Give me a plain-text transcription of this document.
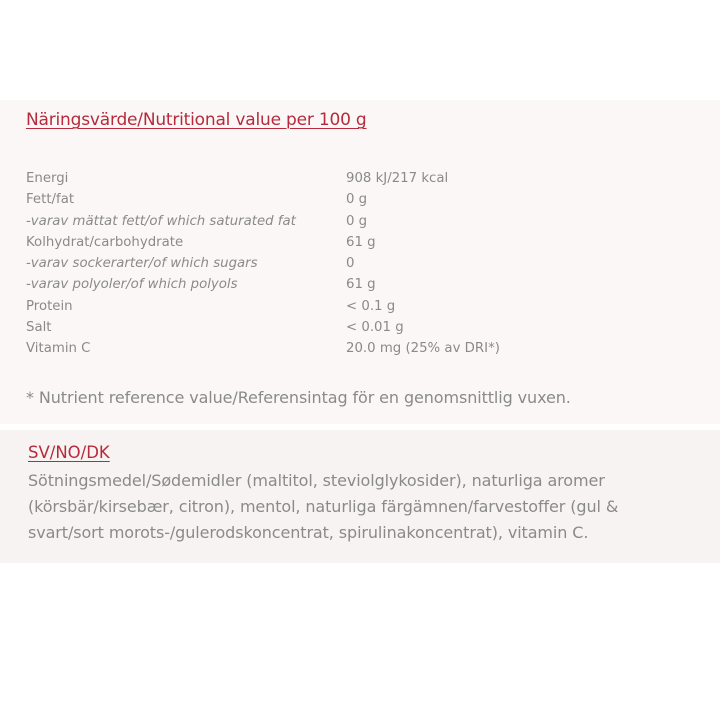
Näringsvärde/Nutritional value per 100 g
Energi	908 kJ/217 kcal
Fett/fat	0 g
-varav mättat fett/of which saturated fat	0 g
Kolhydrat/carbohydrate	61 g
-varav sockerarter/of which sugars	0
-varav polyoler/of which polyols	61 g
Protein	< 0.1 g
Salt	< 0.01 g
Vitamin C	20.0 mg (25% av DRI*)
* Nutrient reference value/Referensintag för en genomsnittlig vuxen.
SV/NO/DK
Sötningsmedel/Sødemidler (maltitol, steviolglykosider), naturliga aromer
(körsbär/kirsebær, citron), mentol, naturliga färgämnen/farvestoffer (gul &
svart/sort morots-/gulerodskoncentrat, spirulinakoncentrat), vitamin C.
